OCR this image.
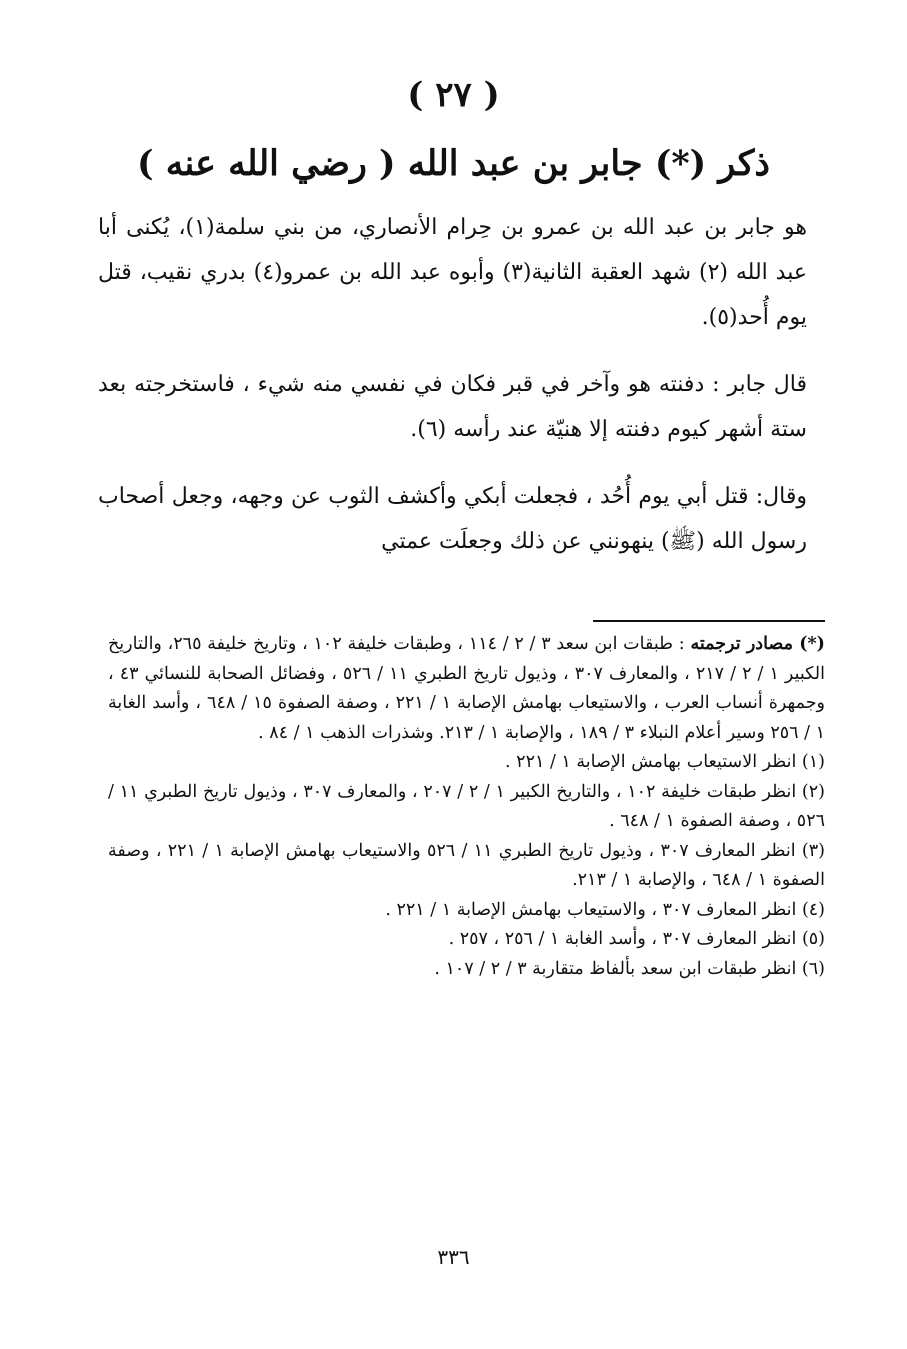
( ٢٧ )
ذكر (*) جابر بن عبد الله ( رضي الله عنه )

هو جابر بن عبد الله بن عمرو بن حِرام الأنصاري، من بني سلمة(١)، يُكنى أبا عبد الله (٢) شهد العقبة الثانية(٣) وأبوه عبد الله بن عمرو(٤) بدري نقيب، قتل يوم أُحد(٥).

قال جابر : دفنته هو وآخر في قبر فكان في نفسي منه شيء ، فاستخرجته بعد ستة أشهر كيوم دفنته إلا هنيّة عند رأسه (٦).

وقال: قتل أبي يوم أُحُد ، فجعلت أبكي وأكشف الثوب عن وجهه، وجعل أصحاب رسول الله (ﷺ) ينهونني عن ذلك وجعلَت عمتي

(*) مصادر ترجمته : طبقات ابن سعد ٣ / ٢ / ١١٤ ، وطبقات خليفة ١٠٢ ، وتاريخ خليفة ٢٦٥، والتاريخ الكبير ١ / ٢ / ٢١٧ ، والمعارف ٣٠٧ ، وذيول تاريخ الطبري ١١ / ٥٢٦ ، وفضائل الصحابة للنسائي ٤٣ ، وجمهرة أنساب العرب ، والاستيعاب بهامش الإصابة ١ / ٢٢١ ، وصفة الصفوة ١٥ / ٦٤٨ ، وأسد الغابة ١ / ٢٥٦ وسير أعلام النبلاء ٣ / ١٨٩ ، والإصابة ١ / ٢١٣. وشذرات الذهب ١ / ٨٤ .
(١) انظر الاستيعاب بهامش الإصابة ١ / ٢٢١ .
(٢) انظر طبقات خليفة ١٠٢ ، والتاريخ الكبير ١ / ٢ / ٢٠٧ ، والمعارف ٣٠٧ ، وذيول تاريخ الطبري ١١ / ٥٢٦ ، وصفة الصفوة ١ / ٦٤٨ .
(٣) انظر المعارف ٣٠٧ ، وذيول تاريخ الطبري ١١ / ٥٢٦ والاستيعاب بهامش الإصابة ١ / ٢٢١ ، وصفة الصفوة ١ / ٦٤٨ ، والإصابة ١ / ٢١٣.
(٤) انظر المعارف ٣٠٧ ، والاستيعاب بهامش الإصابة ١ / ٢٢١ .
(٥) انظر المعارف ٣٠٧ ، وأسد الغابة ١ / ٢٥٦ ، ٢٥٧ .
(٦) انظر طبقات ابن سعد بألفاظ متقاربة ٣ / ٢ / ١٠٧ .
٣٣٦
